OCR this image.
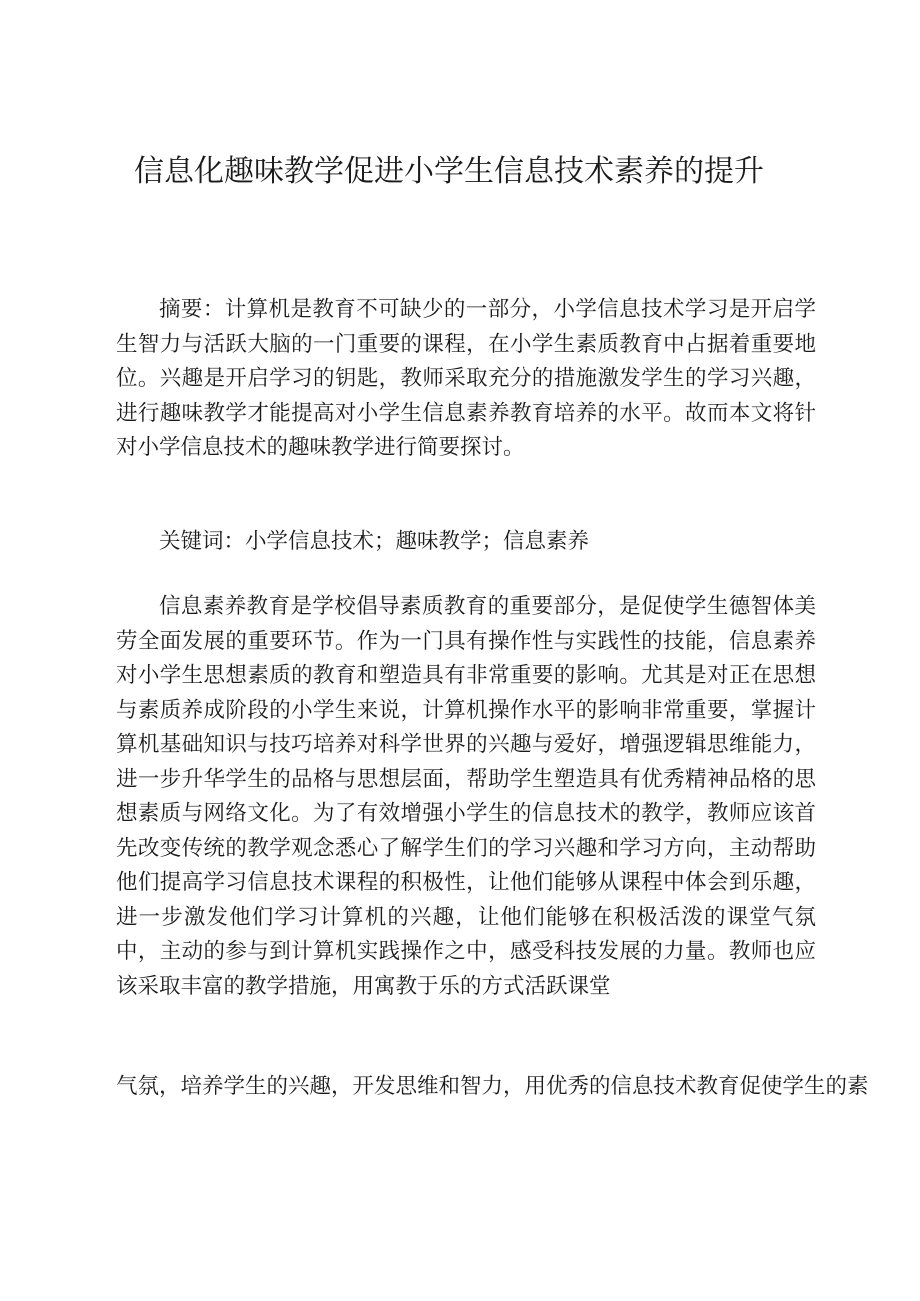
信息化趣味教学促进小学生信息技术素养的提升

摘要：计算机是教育不可缺少的一部分，小学信息技术学习是开启学生智力与活跃大脑的一门重要的课程，在小学生素质教育中占据着重要地位。兴趣是开启学习的钥匙，教师采取充分的措施激发学生的学习兴趣，进行趣味教学才能提高对小学生信息素养教育培养的水平。故而本文将针对小学信息技术的趣味教学进行简要探讨。

关键词：小学信息技术；趣味教学；信息素养

信息素养教育是学校倡导素质教育的重要部分，是促使学生德智体美劳全面发展的重要环节。作为一门具有操作性与实践性的技能，信息素养对小学生思想素质的教育和塑造具有非常重要的影响。尤其是对正在思想与素质养成阶段的小学生来说，计算机操作水平的影响非常重要，掌握计算机基础知识与技巧培养对科学世界的兴趣与爱好，增强逻辑思维能力，进一步升华学生的品格与思想层面，帮助学生塑造具有优秀精神品格的思想素质与网络文化。为了有效增强小学生的信息技术的教学，教师应该首先改变传统的教学观念悉心了解学生们的学习兴趣和学习方向，主动帮助他们提高学习信息技术课程的积极性，让他们能够从课程中体会到乐趣，进一步激发他们学习计算机的兴趣，让他们能够在积极活泼的课堂气氛中，主动的参与到计算机实践操作之中，感受科技发展的力量。教师也应该采取丰富的教学措施，用寓教于乐的方式活跃课堂

气氛，培养学生的兴趣，开发思维和智力，用优秀的信息技术教育促使学生的素
